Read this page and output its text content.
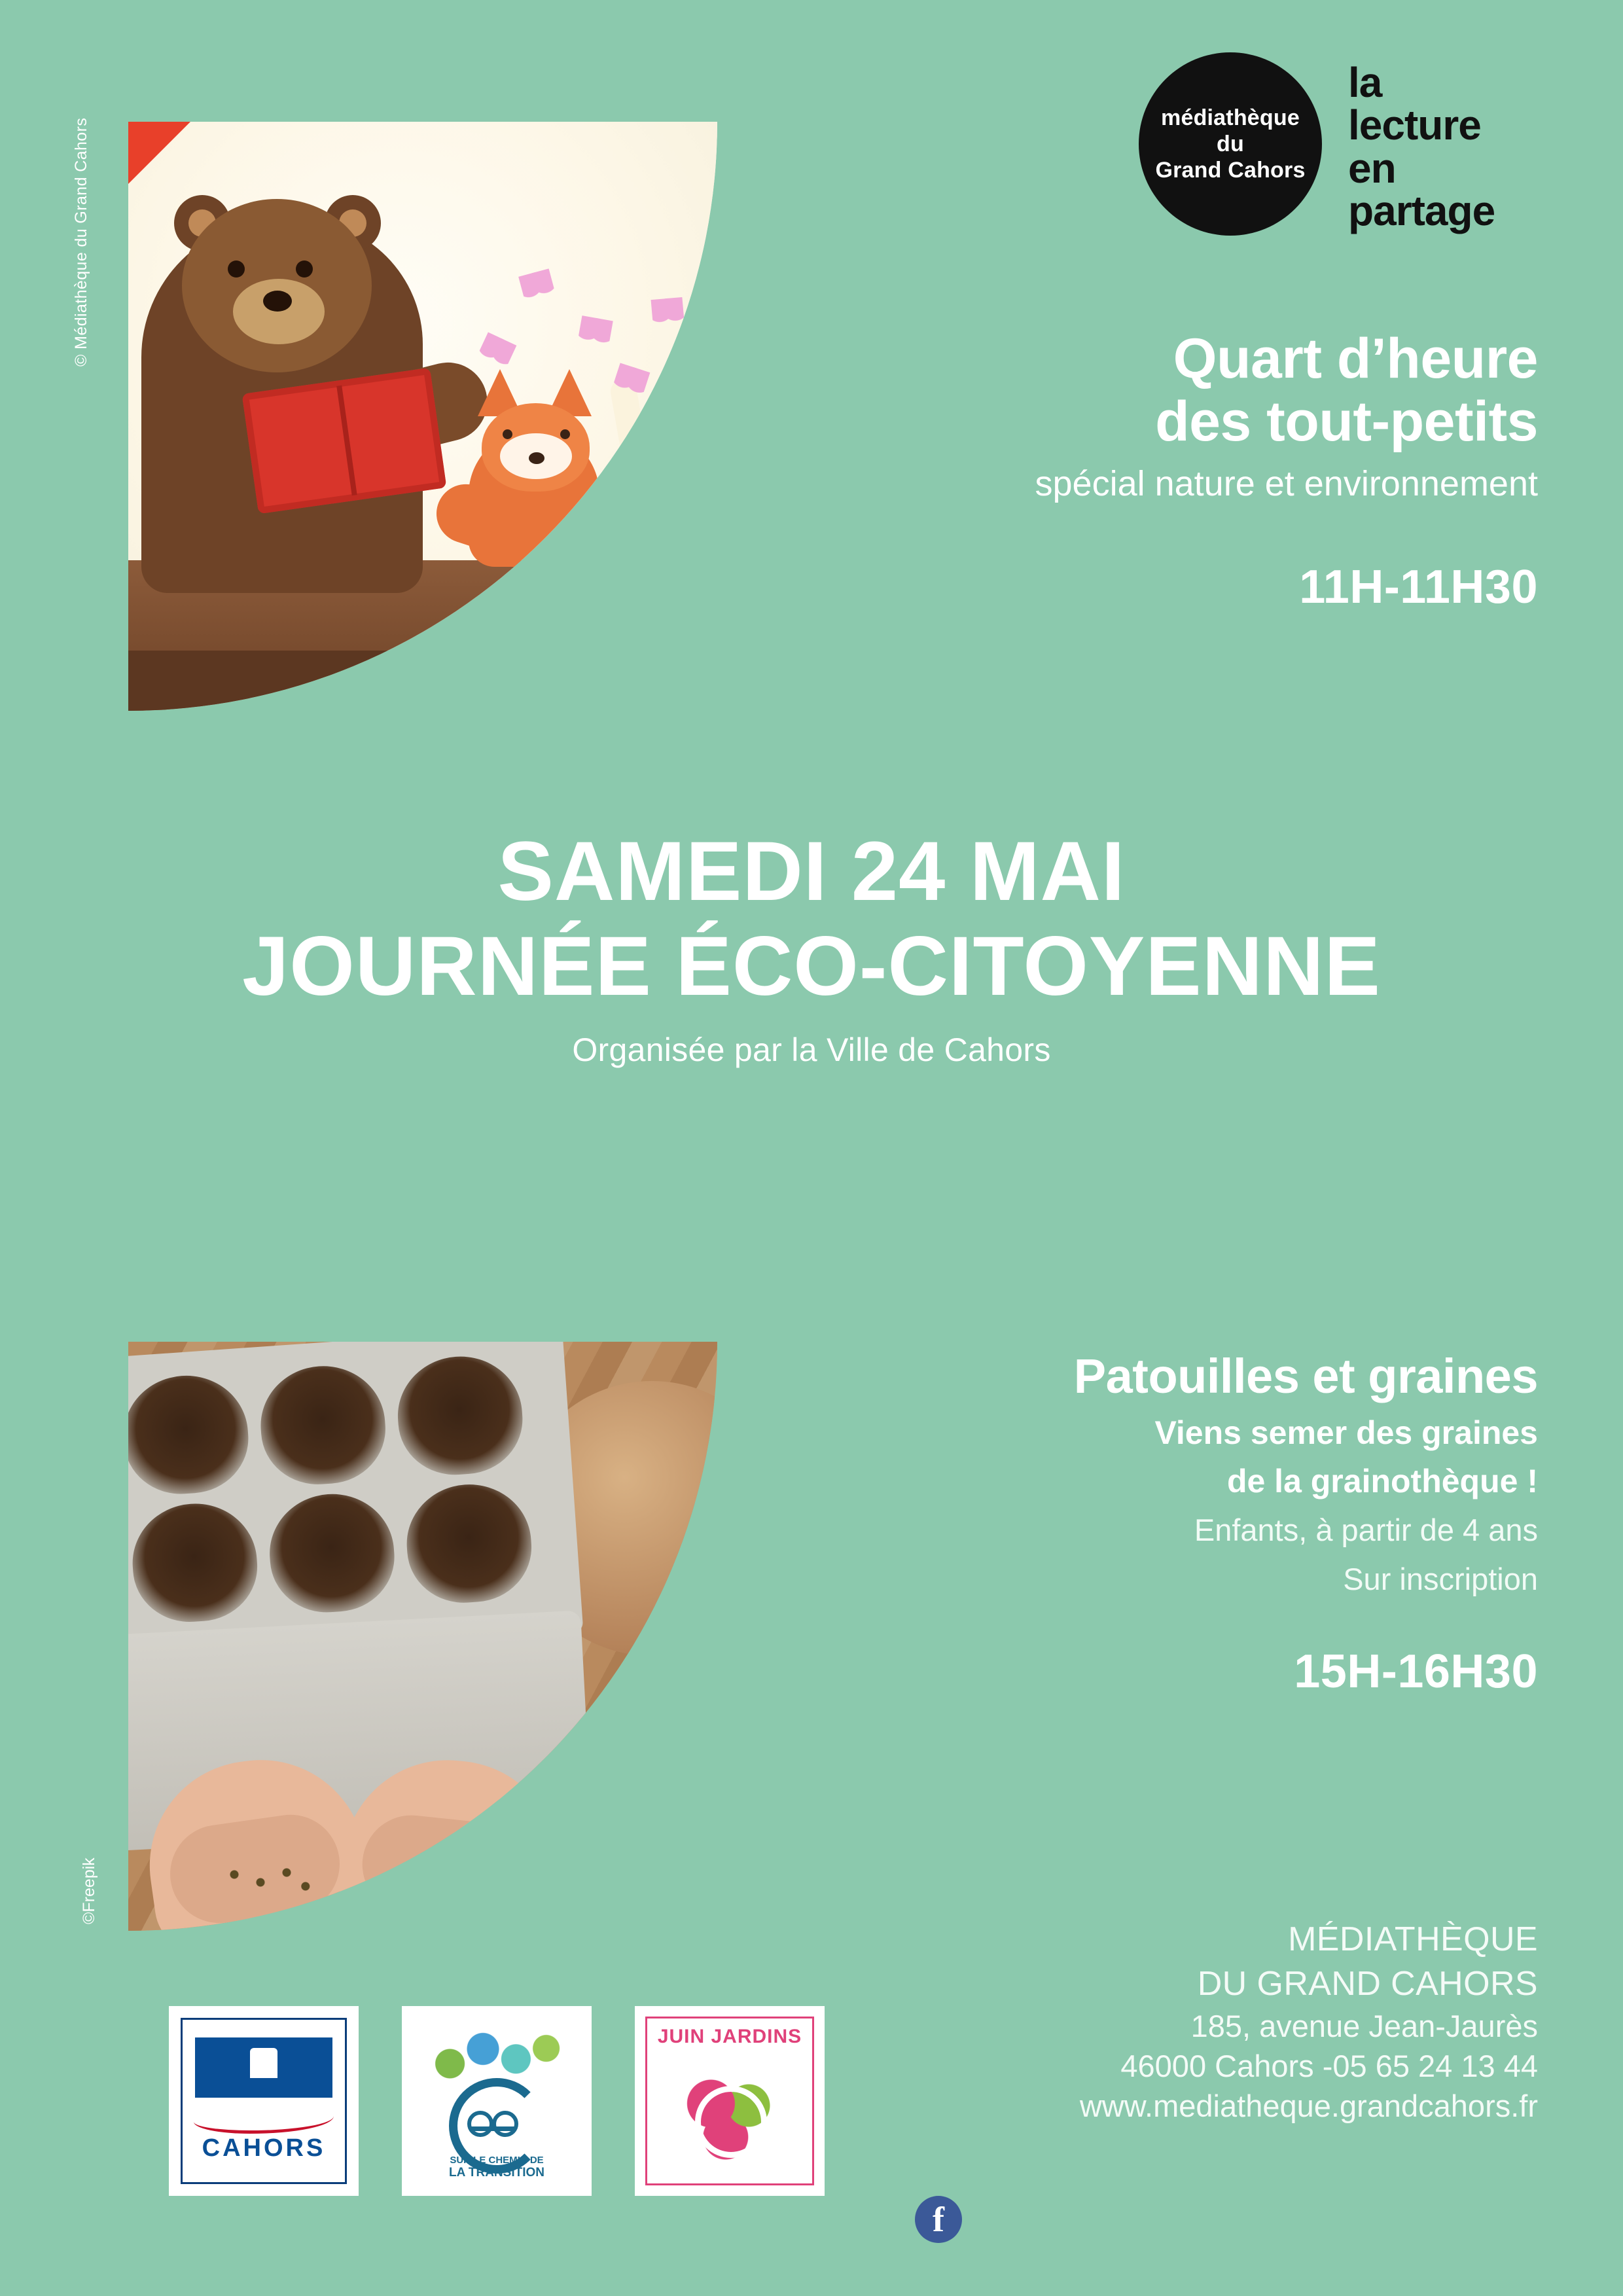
médiathèque
du
Grand Cahors
la
lecture
en
partage
© Médiathèque du Grand Cahors	Quart d’heure
des tout-petits
spécial nature et environnement
11H-11H30
SAMEDI 24 MAI
JOURNÉE ÉCO-CITOYENNE
Organisée par la Ville de Cahors
©Freepik
Patouilles et graines
Viens semer des graines
de la grainothèque !
Enfants, à partir de 4 ans
Sur inscription
15H-16H30
MÉDIATHÈQUE
DU GRAND CAHORS
185, avenue Jean-Jaurès
46000 Cahors -05 65 24 13 44
www.mediatheque.grandcahors.fr
f
CAHORS	SUR LE CHEMIN DE
LA TRANSITION
JUIN JARDINS
